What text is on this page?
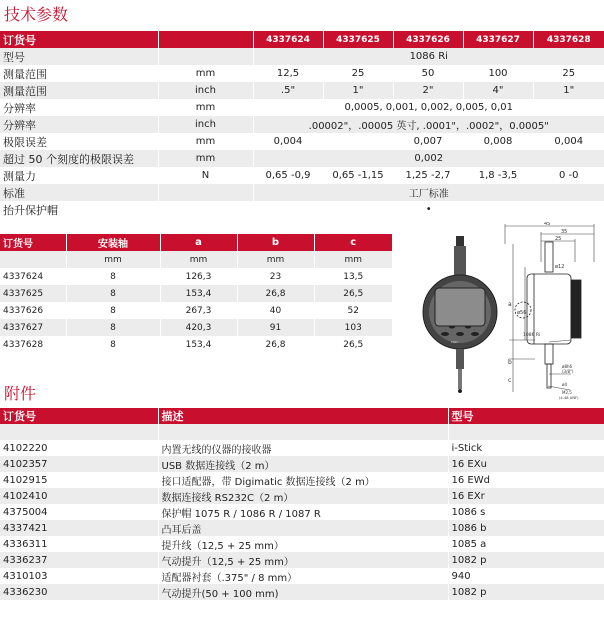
技术参数
订货号		4337624	4337625	4337626	4337627	4337628
型号		1086 Ri				
测量范围	mm	12,5	25	50	100	25
测量范围	inch	.5"	1"	2"	4"	1"
分辨率	mm	0,0005, 0,001, 0,002, 0,005, 0,01				
分辨率	inch	.00002"，.00005 英寸, .0001"，.0002"，0.0005"				
极限误差	mm	0,004		0,007	0,008	0,004
超过 50 个刻度的极限误差	mm	0,002				
测量力	N	0,65 -0,9	0,65 -1,15	1,25 -2,7	1,8 -3,5	0 -0
标准		工厂标准				
抬升保护帽		•				
订货号	安装轴	a	b	c
	mm	mm	mm	mm
4337624	8	126,3	23	13,5
4337625	8	153,4	26,8	26,5
4337626	8	267,3	40	52
4337627	8	420,3	91	103
4337628	8	153,4	26,8	26,5
45
35
25
ø12
ø56
a
b
c
ø8h6
(3/8")
ø4
M2,5
(4-48 UNF)
Mahr
1086 Ri
附件
订货号	描述	型号

4102220	内置无线的仪器的接收器	i-Stick
4102357	USB 数据连接线（2 m）	16 EXu
4102915	接口适配器，带 Digimatic 数据连接线（2 m）	16 EWd
4102410	数据连接线 RS232C（2 m）	16 EXr
4375004	保护帽 1075 R / 1086 R / 1087 R	1086 s
4337421	凸耳后盖	1086 b
4336311	提升线（12,5 + 25 mm）	1085 a
4336237	气动提升（12,5 + 25 mm）	1082 p
4310103	适配器衬套（.375" / 8 mm）	940
4336230	气动提升(50 + 100 mm)	1082 p
